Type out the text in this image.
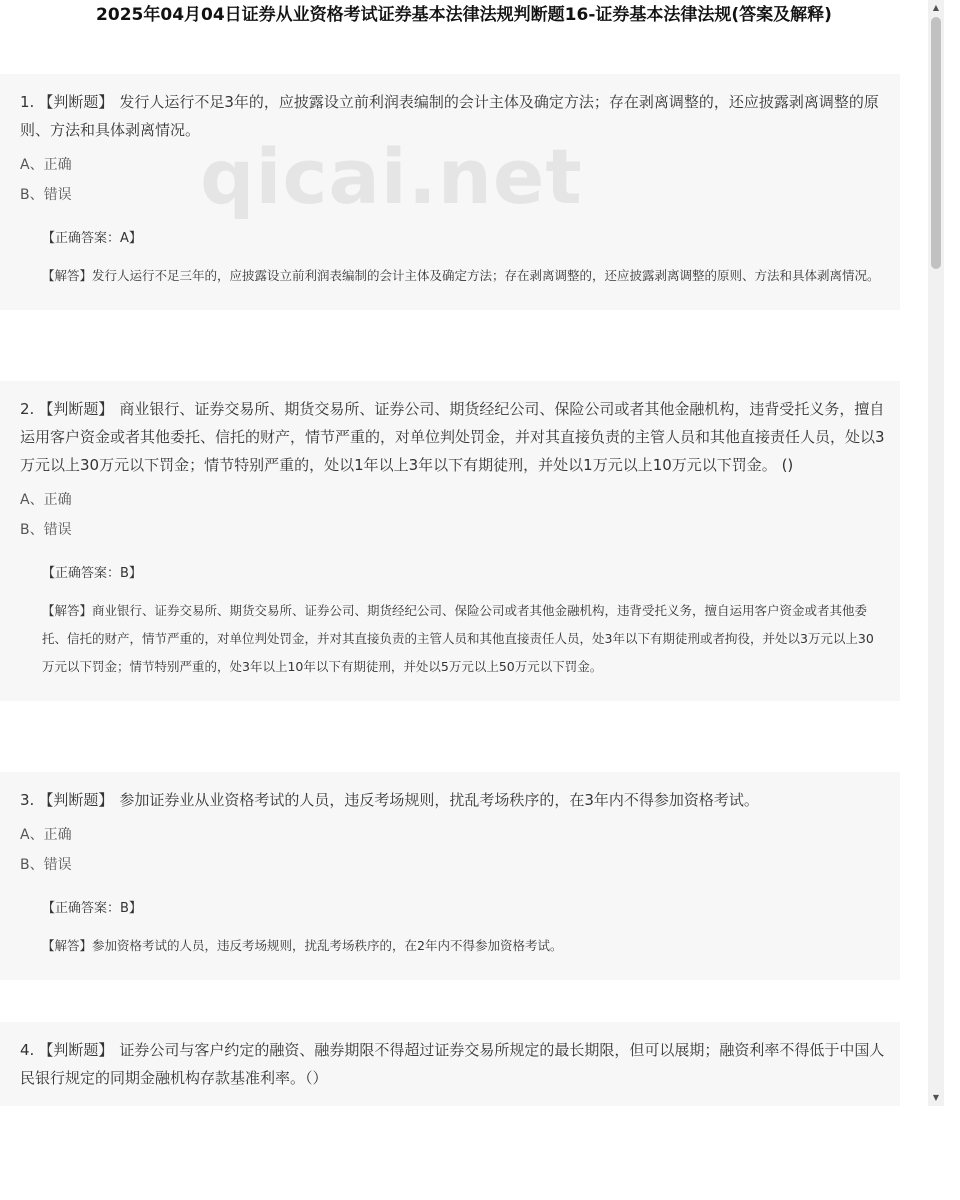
2025年04月04日证券从业资格考试证券基本法律法规判断题16-证券基本法律法规(答案及解释)
1. 【判断题】 发行人运行不足3年的，应披露设立前利润表编制的会计主体及确定方法；存在剥离调整的，还应披露剥离调整的原则、方法和具体剥离情况。
A、正确
B、错误
【正确答案：A】
【解答】发行人运行不足三年的，应披露设立前利润表编制的会计主体及确定方法；存在剥离调整的，还应披露剥离调整的原则、方法和具体剥离情况。
2. 【判断题】 商业银行、证券交易所、期货交易所、证券公司、期货经纪公司、保险公司或者其他金融机构，违背受托义务，擅自运用客户资金或者其他委托、信托的财产，情节严重的，对单位判处罚金，并对其直接负责的主管人员和其他直接责任人员，处以3万元以上30万元以下罚金；情节特别严重的，处以1年以上3年以下有期徒刑，并处以1万元以上10万元以下罚金。 ()
A、正确
B、错误
【正确答案：B】
【解答】商业银行、证券交易所、期货交易所、证券公司、期货经纪公司、保险公司或者其他金融机构，违背受托义务，擅自运用客户资金或者其他委托、信托的财产，情节严重的，对单位判处罚金，并对其直接负责的主管人员和其他直接责任人员，处3年以下有期徒刑或者拘役，并处以3万元以上30万元以下罚金；情节特别严重的，处3年以上10年以下有期徒刑，并处以5万元以上50万元以下罚金。
3. 【判断题】 参加证券业从业资格考试的人员，违反考场规则，扰乱考场秩序的，在3年内不得参加资格考试。
A、正确
B、错误
【正确答案：B】
【解答】参加资格考试的人员，违反考场规则，扰乱考场秩序的，在2年内不得参加资格考试。
4. 【判断题】 证券公司与客户约定的融资、融券期限不得超过证券交易所规定的最长期限，但可以展期；融资利率不得低于中国人民银行规定的同期金融机构存款基准利率。（）
▲
▼
